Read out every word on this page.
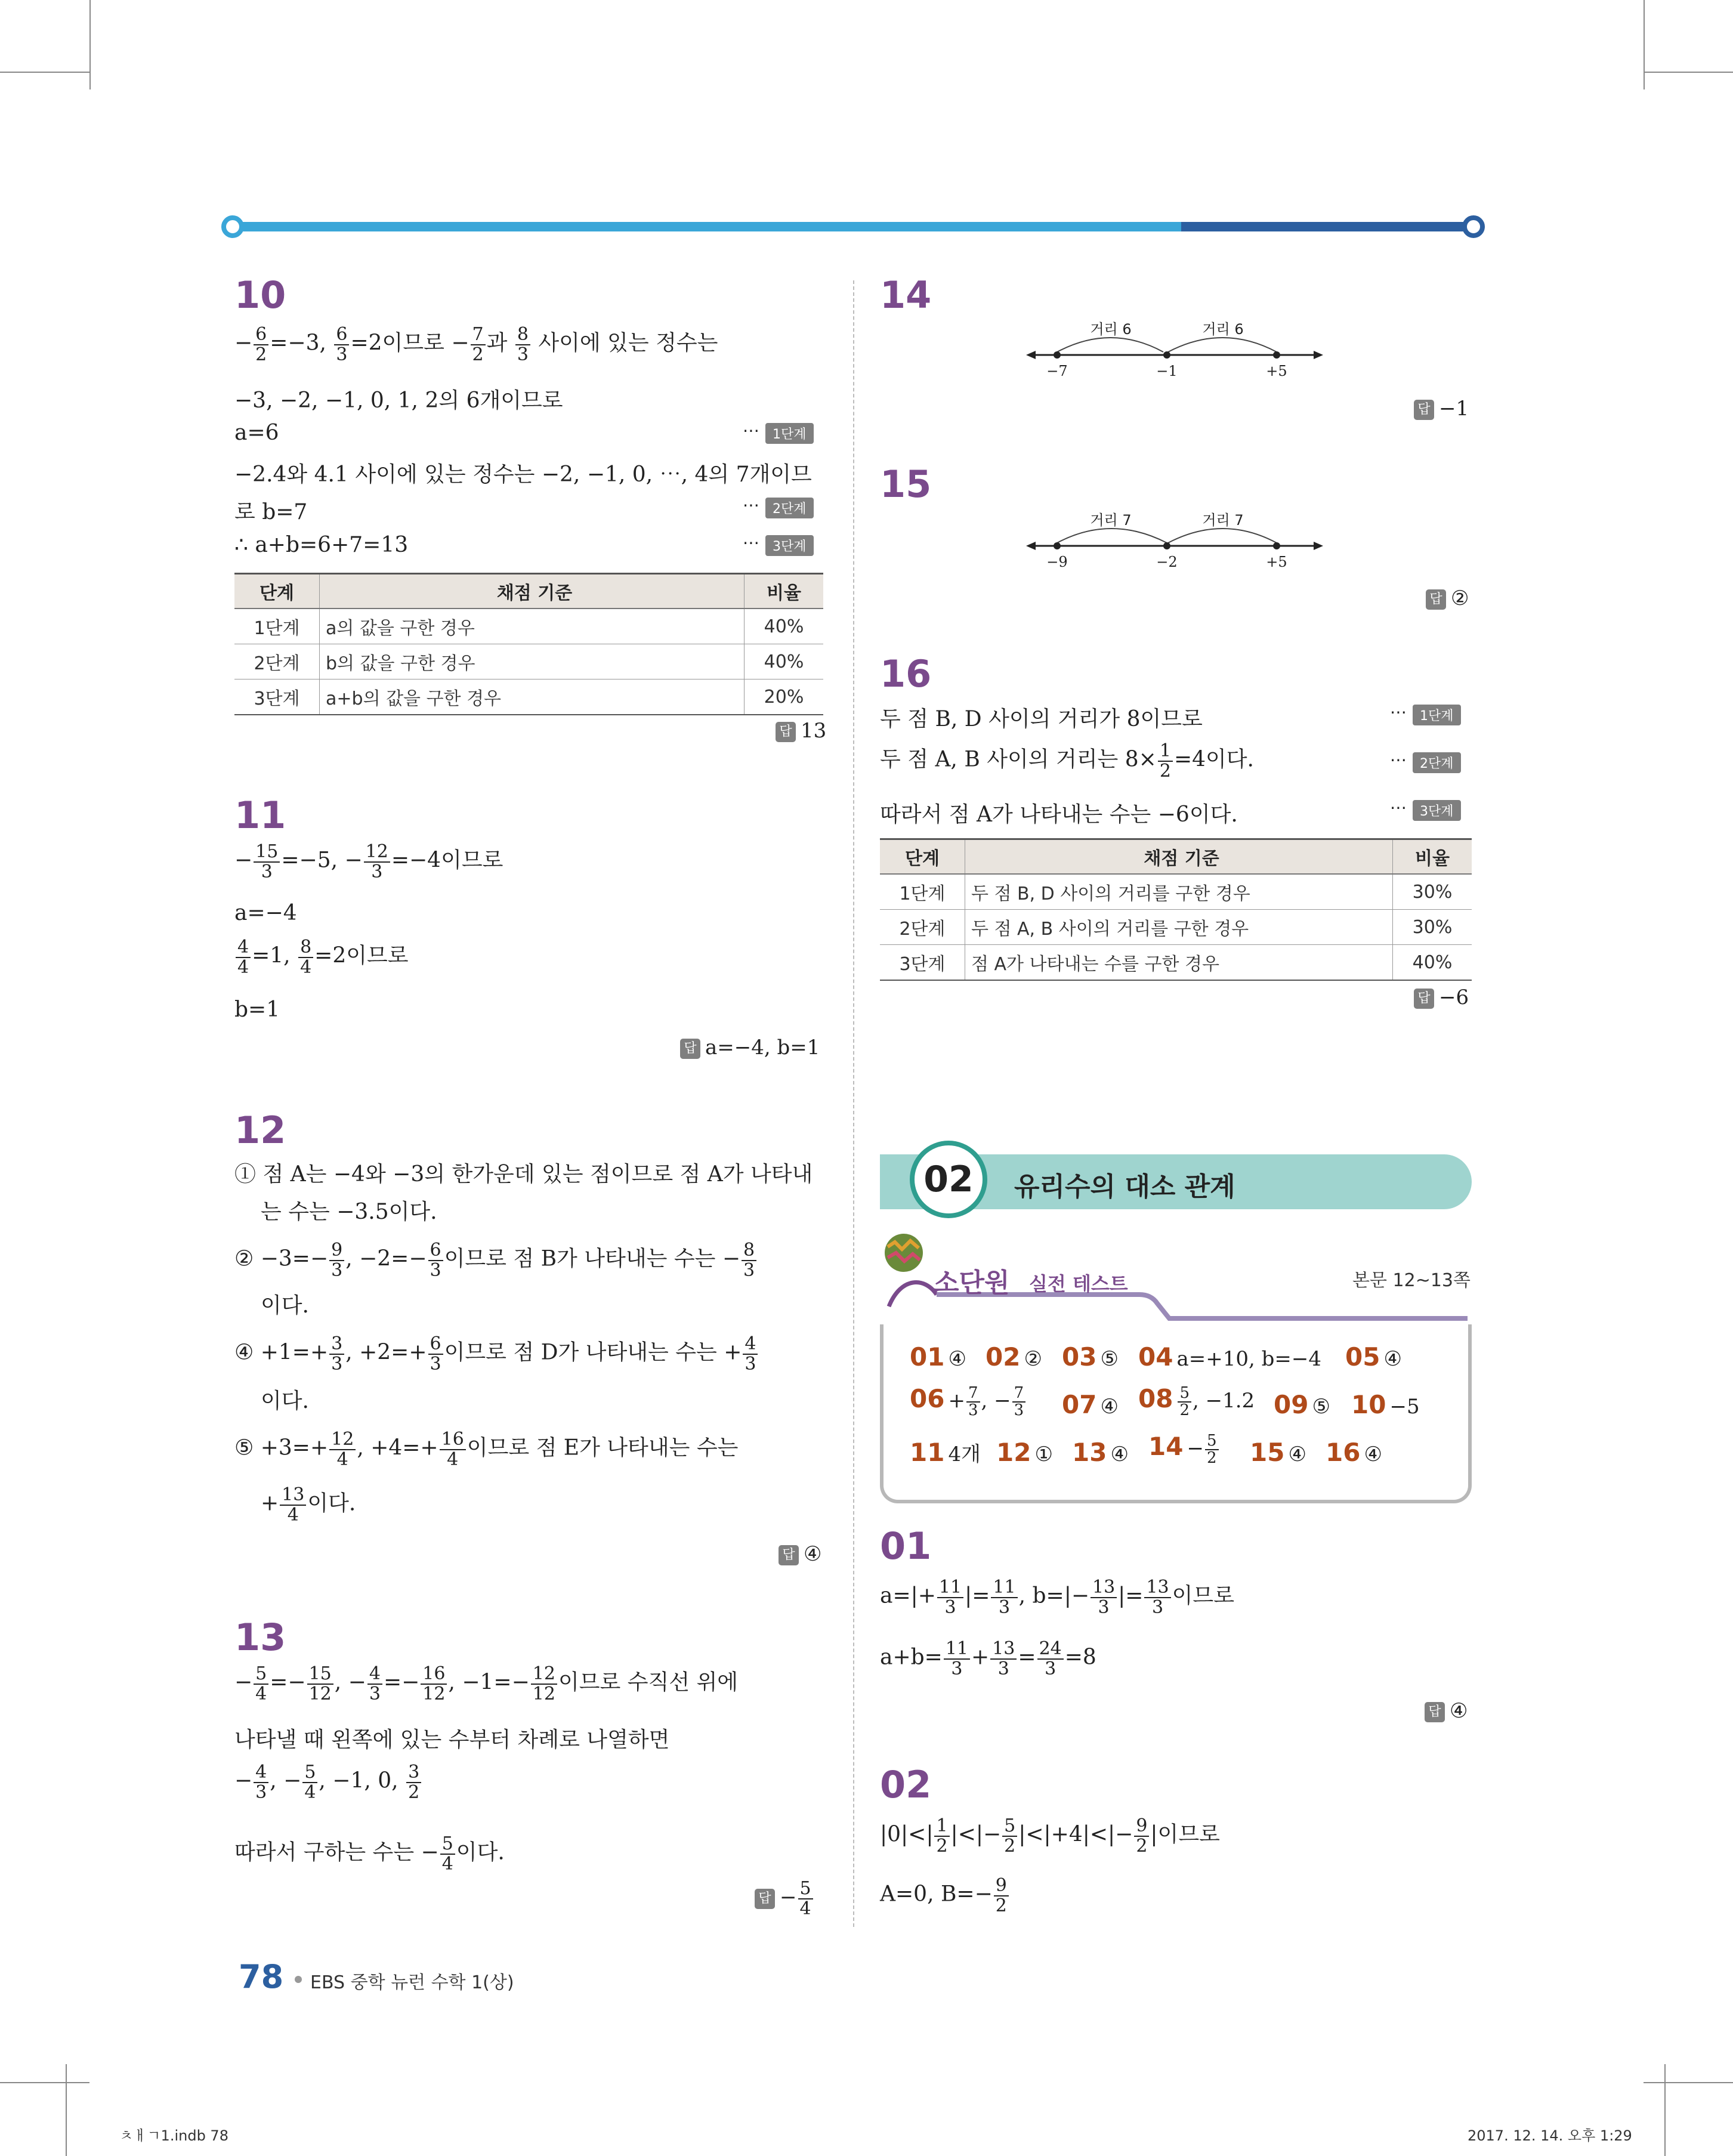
10
− $\frac{6}{2} =-3$, $\frac{6}{3} =2$이므로 − $\frac{7}{2}$ 과 $\frac{8}{3}$ 사이에 있는 정수는
−3, −2, −1, 0, 1, 2의 6개이므로
a=6	⋯ 1단계
−2.4와 4.1 사이에 있는 정수는 −2, −1, 0, ⋯, 4의 7개이므
로 b=7	⋯ 2단계
∴ a+b=6+7=13	⋯ 3단계
단계	채점 기준	비율
1단계	a의 값을 구한 경우	40%
2단계	b의 값을 구한 경우	40%
3단계	a+b의 값을 구한 경우	20%
답 13
11
− $\frac{15}{3} =-5$, − $\frac{12}{3} =-4$이므로
a=−4
$\frac{4}{4} =1$, $\frac{8}{4} =2$이므로
b=1
답 a=−4, b=1
12
① 점 A는 −4와 −3의 한가운데 있는 점이므로 점 A가 나타내
는 수는 −3.5이다.
② $-3=- \frac{9}{3}$ , $-2=- \frac{6}{3}$ 이므로 점 B가 나타내는 수는 − $\frac{8}{3}$
이다.
④ $+1=+ \frac{3}{3}$ , $+2=+ \frac{6}{3}$ 이므로 점 D가 나타내는 수는 + $\frac{4}{3}$
이다.
⑤ $+3=+ \frac{12}{4}$ , $+4=+ \frac{16}{4}$ 이므로 점 E가 나타내는 수는
+ $\frac{13}{4}$ 이다.
답 ④
13
− $\frac{5}{4} =- \frac{15}{12}$ , − $\frac{4}{3} =- \frac{16}{12}$ , $-1=- \frac{12}{12}$ 이므로 수직선 위에
나타낼 때 왼쪽에 있는 수부터 차례로 나열하면
− $\frac{4}{3}$ , − $\frac{5}{4}$ , −1, 0, $\frac{3}{2}$
따라서 구하는 수는 − $\frac{5}{4}$ 이다.
답 − $\frac{5}{4}$
14
거리 6	거리 6
−7	−1	+5
답 −1
15
거리 7	거리 7
−9	−2	+5
답 ②
16
두 점 B, D 사이의 거리가 8이므로	⋯ 1단계
두 점 A, B 사이의 거리는 $8\times \frac{1}{2} =4$이다.	⋯ 2단계
따라서 점 A가 나타내는 수는 −6이다.	⋯ 3단계
단계	채점 기준	비율
1단계	두 점 B, D 사이의 거리를 구한 경우	30%
2단계	두 점 A, B 사이의 거리를 구한 경우	30%
3단계	점 A가 나타내는 수를 구한 경우	40%
답 −6
02	유리수의 대소 관계
소단원 실전 테스트	본문 12~13쪽
01 ④ 02 ② 03 ⑤ 04 a=+10, b=−4 05 ④
$06 + \frac{7}{3}$ , − $\frac{7}{3} 07$ ④ $08 \frac{5}{2}$ , −1.2 09 ⑤ 10 −5
11 4개 12 ① 13 ④ $14 - \frac{5}{2} 15$ ④ 16 ④
01
$a=|+ \frac{11}{3}$ |= $\frac{11}{3}$ , $b=|- \frac{13}{3}$ |= $\frac{13}{3}$ 이므로
$a+b= \frac{11}{3} + \frac{13}{3} = \frac{24}{3} =8$
답 ④
02
$|0|<| \frac{1}{2}$ |<|− $\frac{5}{2} |<|+4|<|- \frac{9}{2}$ |이므로
A=0, $B=- \frac{9}{2}$
78 EBS 중학 뉴런 수학 1(상)
ㅊㅐㄱ1.indb 78	2017. 12. 14. 오후 1:29
